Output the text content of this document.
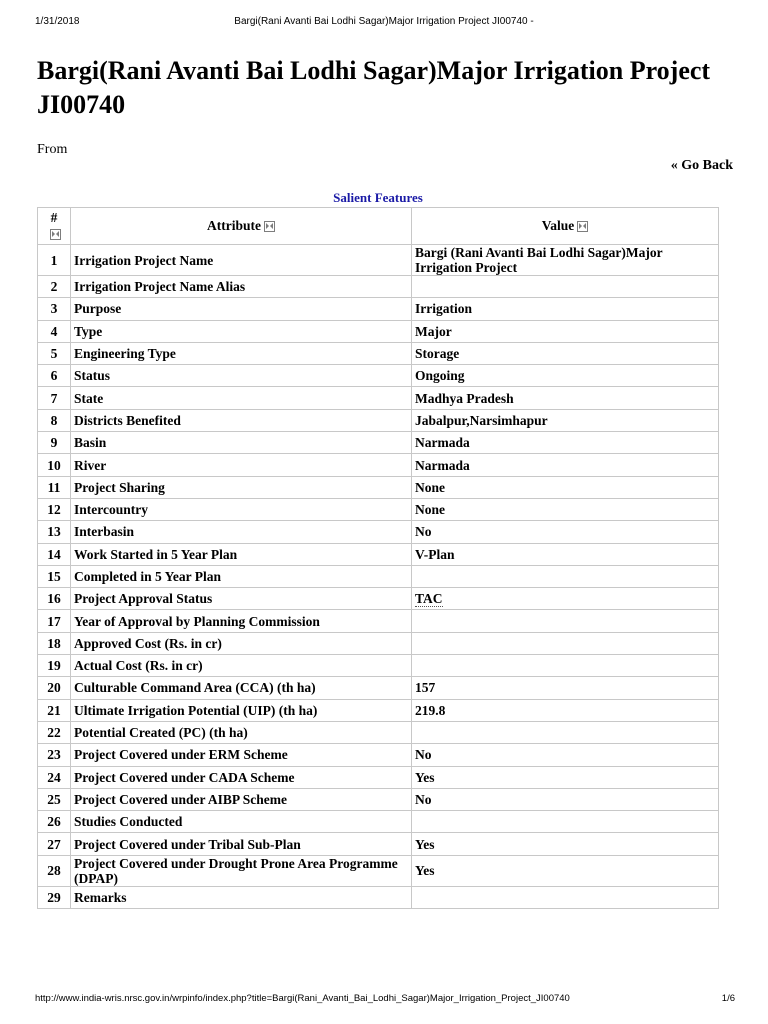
1/31/2018	Bargi(Rani Avanti Bai Lodhi Sagar)Major Irrigation Project JI00740 -
Bargi(Rani Avanti Bai Lodhi Sagar)Major Irrigation Project JI00740
From
« Go Back
Salient Features
#	Attribute	Value
1	Irrigation Project Name	Bargi (Rani Avanti Bai Lodhi Sagar)Major Irrigation Project
2	Irrigation Project Name Alias	
3	Purpose	Irrigation
4	Type	Major
5	Engineering Type	Storage
6	Status	Ongoing
7	State	Madhya Pradesh
8	Districts Benefited	Jabalpur,Narsimhapur
9	Basin	Narmada
10	River	Narmada
11	Project Sharing	None
12	Intercountry	None
13	Interbasin	No
14	Work Started in 5 Year Plan	V-Plan
15	Completed in 5 Year Plan	
16	Project Approval Status	TAC
17	Year of Approval by Planning Commission	
18	Approved Cost (Rs. in cr)	
19	Actual Cost (Rs. in cr)	
20	Culturable Command Area (CCA) (th ha)	157
21	Ultimate Irrigation Potential (UIP) (th ha)	219.8
22	Potential Created (PC) (th ha)	
23	Project Covered under ERM Scheme	No
24	Project Covered under CADA Scheme	Yes
25	Project Covered under AIBP Scheme	No
26	Studies Conducted	
27	Project Covered under Tribal Sub-Plan	Yes
28	Project Covered under Drought Prone Area Programme (DPAP)	Yes
29	Remarks	
http://www.india-wris.nrsc.gov.in/wrpinfo/index.php?title=Bargi(Rani_Avanti_Bai_Lodhi_Sagar)Major_Irrigation_Project_JI00740	1/6
